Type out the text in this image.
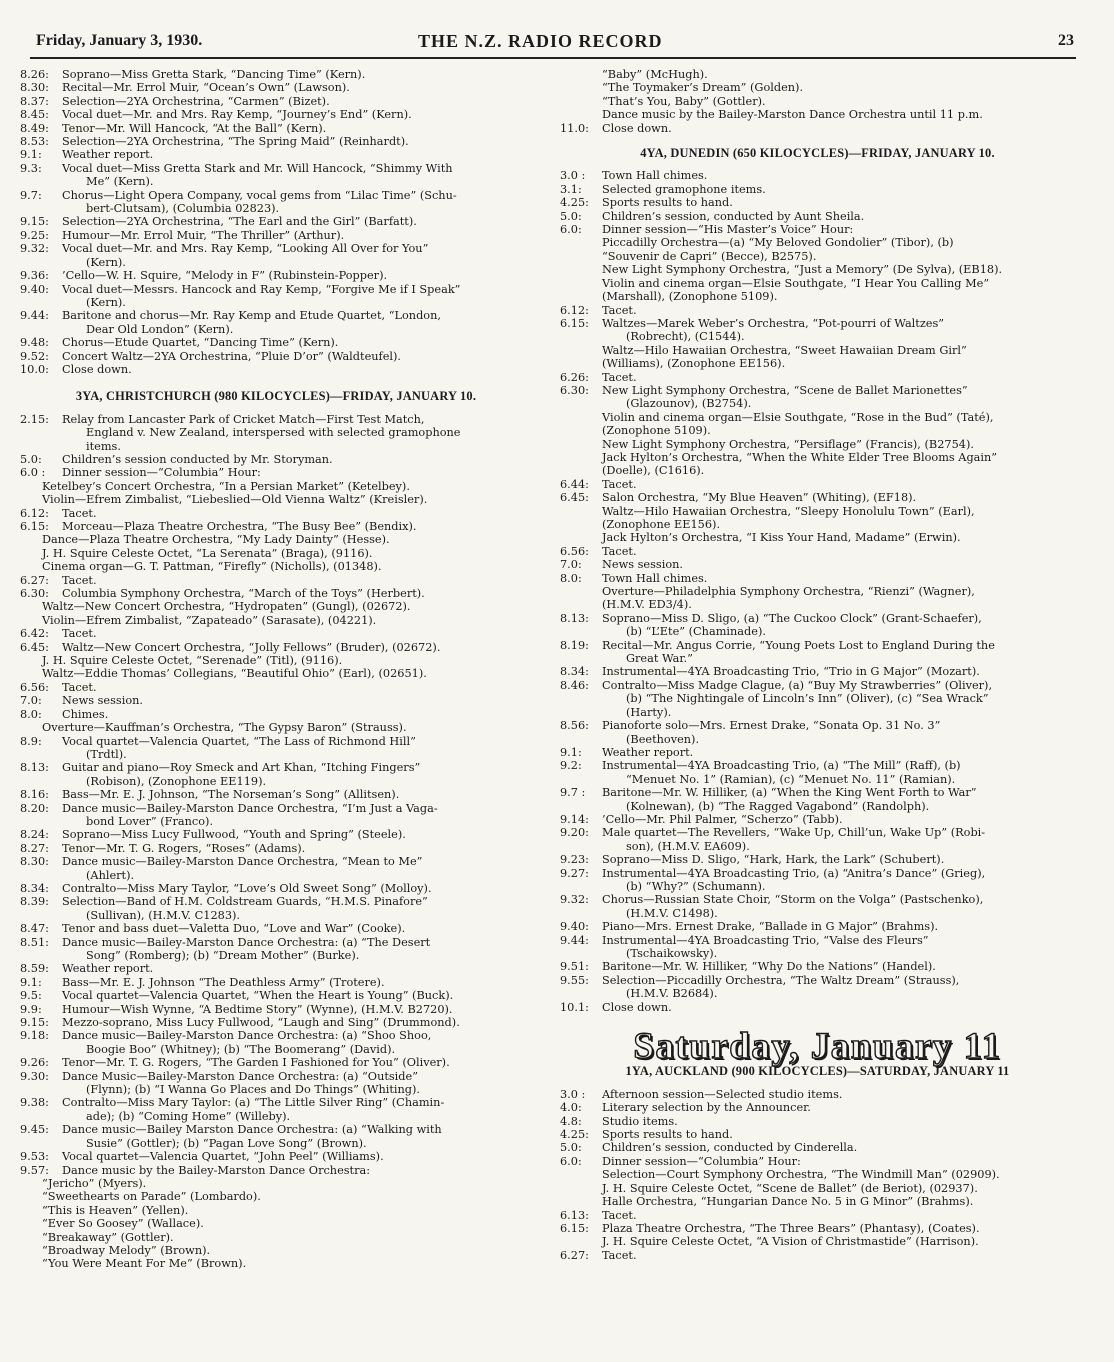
Friday, January 3, 1930.	THE N.Z. RADIO RECORD	23
8.26:	Soprano—Miss Gretta Stark, “Dancing Time” (Kern).
8.30:	Recital—Mr. Errol Muir, “Ocean’s Own” (Lawson).
8.37:	Selection—2YA Orchestrina, “Carmen” (Bizet).
8.45:	Vocal duet—Mr. and Mrs. Ray Kemp, “Journey’s End” (Kern).
8.49:	Tenor—Mr. Will Hancock, “At the Ball” (Kern).
8.53:	Selection—2YA Orchestrina, “The Spring Maid” (Reinhardt).
9.1:	Weather report.
9.3:	Vocal duet—Miss Gretta Stark and Mr. Will Hancock, “Shimmy With
Me” (Kern).
9.7:	Chorus—Light Opera Company, vocal gems from “Lilac Time” (Schu-
bert-Clutsam), (Columbia 02823).
9.15:	Selection—2YA Orchestrina, “The Earl and the Girl” (Barfatt).
9.25:	Humour—Mr. Errol Muir, “The Thriller” (Arthur).
9.32:	Vocal duet—Mr. and Mrs. Ray Kemp, “Looking All Over for You”
(Kern).
9.36:	’Cello—W. H. Squire, “Melody in F” (Rubinstein-Popper).
9.40:	Vocal duet—Messrs. Hancock and Ray Kemp, “Forgive Me if I Speak”
(Kern).
9.44:	Baritone and chorus—Mr. Ray Kemp and Etude Quartet, “London,
Dear Old London” (Kern).
9.48:	Chorus—Etude Quartet, “Dancing Time” (Kern).
9.52:	Concert Waltz—2YA Orchestrina, “Pluie D’or” (Waldteufel).
10.0:	Close down.
3YA, CHRISTCHURCH (980 KILOCYCLES)—FRIDAY, JANUARY 10.
2.15:	Relay from Lancaster Park of Cricket Match—First Test Match,
England v. New Zealand, interspersed with selected gramophone
items.
5.0:	Children’s session conducted by Mr. Storyman.
6.0 :	Dinner session—“Columbia” Hour:
Ketelbey’s Concert Orchestra, “In a Persian Market” (Ketelbey).
Violin—Efrem Zimbalist, “Liebeslied—Old Vienna Waltz” (Kreisler).
6.12:	Tacet.
6.15:	Morceau—Plaza Theatre Orchestra, “The Busy Bee” (Bendix).
Dance—Plaza Theatre Orchestra, “My Lady Dainty” (Hesse).
J. H. Squire Celeste Octet, “La Serenata” (Braga), (9116).
Cinema organ—G. T. Pattman, “Firefly” (Nicholls), (01348).
6.27:	Tacet.
6.30:	Columbia Symphony Orchestra, “March of the Toys” (Herbert).
Waltz—New Concert Orchestra, “Hydropaten” (Gungl), (02672).
Violin—Efrem Zimbalist, “Zapateado” (Sarasate), (04221).
6.42:	Tacet.
6.45:	Waltz—New Concert Orchestra, “Jolly Fellows” (Bruder), (02672).
J. H. Squire Celeste Octet, “Serenade” (Titl), (9116).
Waltz—Eddie Thomas’ Collegians, “Beautiful Ohio” (Earl), (02651).
6.56:	Tacet.
7.0:	News session.
8.0:	Chimes.
Overture—Kauffman’s Orchestra, “The Gypsy Baron” (Strauss).
8.9:	Vocal quartet—Valencia Quartet, “The Lass of Richmond Hill”
(Trdtl).
8.13:	Guitar and piano—Roy Smeck and Art Khan, “Itching Fingers”
(Robison), (Zonophone EE119).
8.16:	Bass—Mr. E. J. Johnson, “The Norseman’s Song” (Allitsen).
8.20:	Dance music—Bailey-Marston Dance Orchestra, “I’m Just a Vaga-
bond Lover” (Franco).
8.24:	Soprano—Miss Lucy Fullwood, “Youth and Spring” (Steele).
8.27:	Tenor—Mr. T. G. Rogers, “Roses” (Adams).
8.30:	Dance music—Bailey-Marston Dance Orchestra, “Mean to Me”
(Ahlert).
8.34:	Contralto—Miss Mary Taylor, “Love’s Old Sweet Song” (Molloy).
8.39:	Selection—Band of H.M. Coldstream Guards, “H.M.S. Pinafore”
(Sullivan), (H.M.V. C1283).
8.47:	Tenor and bass duet—Valetta Duo, “Love and War” (Cooke).
8.51:	Dance music—Bailey-Marston Dance Orchestra: (a) “The Desert
Song” (Romberg); (b) “Dream Mother” (Burke).
8.59:	Weather report.
9.1:	Bass—Mr. E. J. Johnson “The Deathless Army” (Trotere).
9.5:	Vocal quartet—Valencia Quartet, “When the Heart is Young” (Buck).
9.9:	Humour—Wish Wynne, “A Bedtime Story” (Wynne), (H.M.V. B2720).
9.15:	Mezzo-soprano, Miss Lucy Fullwood, “Laugh and Sing” (Drummond).
9.18:	Dance music—Bailey-Marston Dance Orchestra: (a) “Shoo Shoo,
Boogie Boo” (Whitney); (b) “The Boomerang” (David).
9.26:	Tenor—Mr. T. G. Rogers, “The Garden I Fashioned for You” (Oliver).
9.30:	Dance Music—Bailey-Marston Dance Orchestra: (a) “Outside”
(Flynn); (b) “I Wanna Go Places and Do Things” (Whiting).
9.38:	Contralto—Miss Mary Taylor: (a) “The Little Silver Ring” (Chamin-
ade); (b) “Coming Home” (Willeby).
9.45:	Dance music—Bailey Marston Dance Orchestra: (a) “Walking with
Susie” (Gottler); (b) “Pagan Love Song” (Brown).
9.53:	Vocal quartet—Valencia Quartet, “John Peel” (Williams).
9.57:	Dance music by the Bailey-Marston Dance Orchestra:
“Jericho” (Myers).
“Sweethearts on Parade” (Lombardo).
“This is Heaven” (Yellen).
“Ever So Goosey” (Wallace).
“Breakaway” (Gottler).
“Broadway Melody” (Brown).
“You Were Meant For Me” (Brown).
“Baby” (McHugh).
“The Toymaker’s Dream” (Golden).
“That’s You, Baby” (Gottler).
Dance music by the Bailey-Marston Dance Orchestra until 11 p.m.
11.0:	Close down.
4YA, DUNEDIN (650 KILOCYCLES)—FRIDAY, JANUARY 10.
3.0 :	Town Hall chimes.
3.1:	Selected gramophone items.
4.25:	Sports results to hand.
5.0:	Children’s session, conducted by Aunt Sheila.
6.0:	Dinner session—“His Master’s Voice” Hour:
Piccadilly Orchestra—(a) “My Beloved Gondolier” (Tibor), (b)
“Souvenir de Capri” (Becce), B2575).
New Light Symphony Orchestra, “Just a Memory” (De Sylva), (EB18).
Violin and cinema organ—Elsie Southgate, “I Hear You Calling Me”
(Marshall), (Zonophone 5109).
6.12:	Tacet.
6.15:	Waltzes—Marek Weber’s Orchestra, “Pot-pourri of Waltzes”
(Robrecht), (C1544).
Waltz—Hilo Hawaiian Orchestra, “Sweet Hawaiian Dream Girl”
(Williams), (Zonophone EE156).
6.26:	Tacet.
6.30:	New Light Symphony Orchestra, “Scene de Ballet Marionettes”
(Glazounov), (B2754).
Violin and cinema organ—Elsie Southgate, “Rose in the Bud” (Taté),
(Zonophone 5109).
New Light Symphony Orchestra, “Persiflage” (Francis), (B2754).
Jack Hylton’s Orchestra, “When the White Elder Tree Blooms Again”
(Doelle), (C1616).
6.44:	Tacet.
6.45:	Salon Orchestra, “My Blue Heaven” (Whiting), (EF18).
Waltz—Hilo Hawaiian Orchestra, “Sleepy Honolulu Town” (Earl),
(Zonophone EE156).
Jack Hylton’s Orchestra, “I Kiss Your Hand, Madame” (Erwin).
6.56:	Tacet.
7.0:	News session.
8.0:	Town Hall chimes.
Overture—Philadelphia Symphony Orchestra, “Rienzi” (Wagner),
(H.M.V. ED3/4).
8.13:	Soprano—Miss D. Sligo, (a) “The Cuckoo Clock” (Grant-Schaefer),
(b) “L’Ete” (Chaminade).
8.19:	Recital—Mr. Angus Corrie, “Young Poets Lost to England During the
Great War.”
8.34:	Instrumental—4YA Broadcasting Trio, “Trio in G Major” (Mozart).
8.46:	Contralto—Miss Madge Clague, (a) “Buy My Strawberries” (Oliver),
(b) “The Nightingale of Lincoln’s Inn” (Oliver), (c) “Sea Wrack”
(Harty).
8.56:	Pianoforte solo—Mrs. Ernest Drake, “Sonata Op. 31 No. 3”
(Beethoven).
9.1:	Weather report.
9.2:	Instrumental—4YA Broadcasting Trio, (a) “The Mill” (Raff), (b)
“Menuet No. 1” (Ramian), (c) “Menuet No. 11” (Ramian).
9.7 :	Baritone—Mr. W. Hilliker, (a) “When the King Went Forth to War”
(Kolnewan), (b) “The Ragged Vagabond” (Randolph).
9.14:	’Cello—Mr. Phil Palmer, “Scherzo” (Tabb).
9.20:	Male quartet—The Revellers, “Wake Up, Chill’un, Wake Up” (Robi-
son), (H.M.V. EA609).
9.23:	Soprano—Miss D. Sligo, “Hark, Hark, the Lark” (Schubert).
9.27:	Instrumental—4YA Broadcasting Trio, (a) “Anitra’s Dance” (Grieg),
(b) “Why?” (Schumann).
9.32:	Chorus—Russian State Choir, “Storm on the Volga” (Pastschenko),
(H.M.V. C1498).
9.40:	Piano—Mrs. Ernest Drake, “Ballade in G Major” (Brahms).
9.44:	Instrumental—4YA Broadcasting Trio, “Valse des Fleurs”
(Tschaikowsky).
9.51:	Baritone—Mr. W. Hilliker, “Why Do the Nations” (Handel).
9.55:	Selection—Piccadilly Orchestra, “The Waltz Dream” (Strauss),
(H.M.V. B2684).
10.1:	Close down.
Saturday, January 11
1YA, AUCKLAND (900 KILOCYCLES)—SATURDAY, JANUARY 11
3.0 :	Afternoon session—Selected studio items.
4.0:	Literary selection by the Announcer.
4.8:	Studio items.
4.25:	Sports results to hand.
5.0:	Children’s session, conducted by Cinderella.
6.0:	Dinner session—“Columbia” Hour:
Selection—Court Symphony Orchestra, “The Windmill Man” (02909).
J. H. Squire Celeste Octet, “Scene de Ballet” (de Beriot), (02937).
Halle Orchestra, “Hungarian Dance No. 5 in G Minor” (Brahms).
6.13:	Tacet.
6.15:	Plaza Theatre Orchestra, “The Three Bears” (Phantasy), (Coates).
J. H. Squire Celeste Octet, “A Vision of Christmastide” (Harrison).
6.27:	Tacet.
